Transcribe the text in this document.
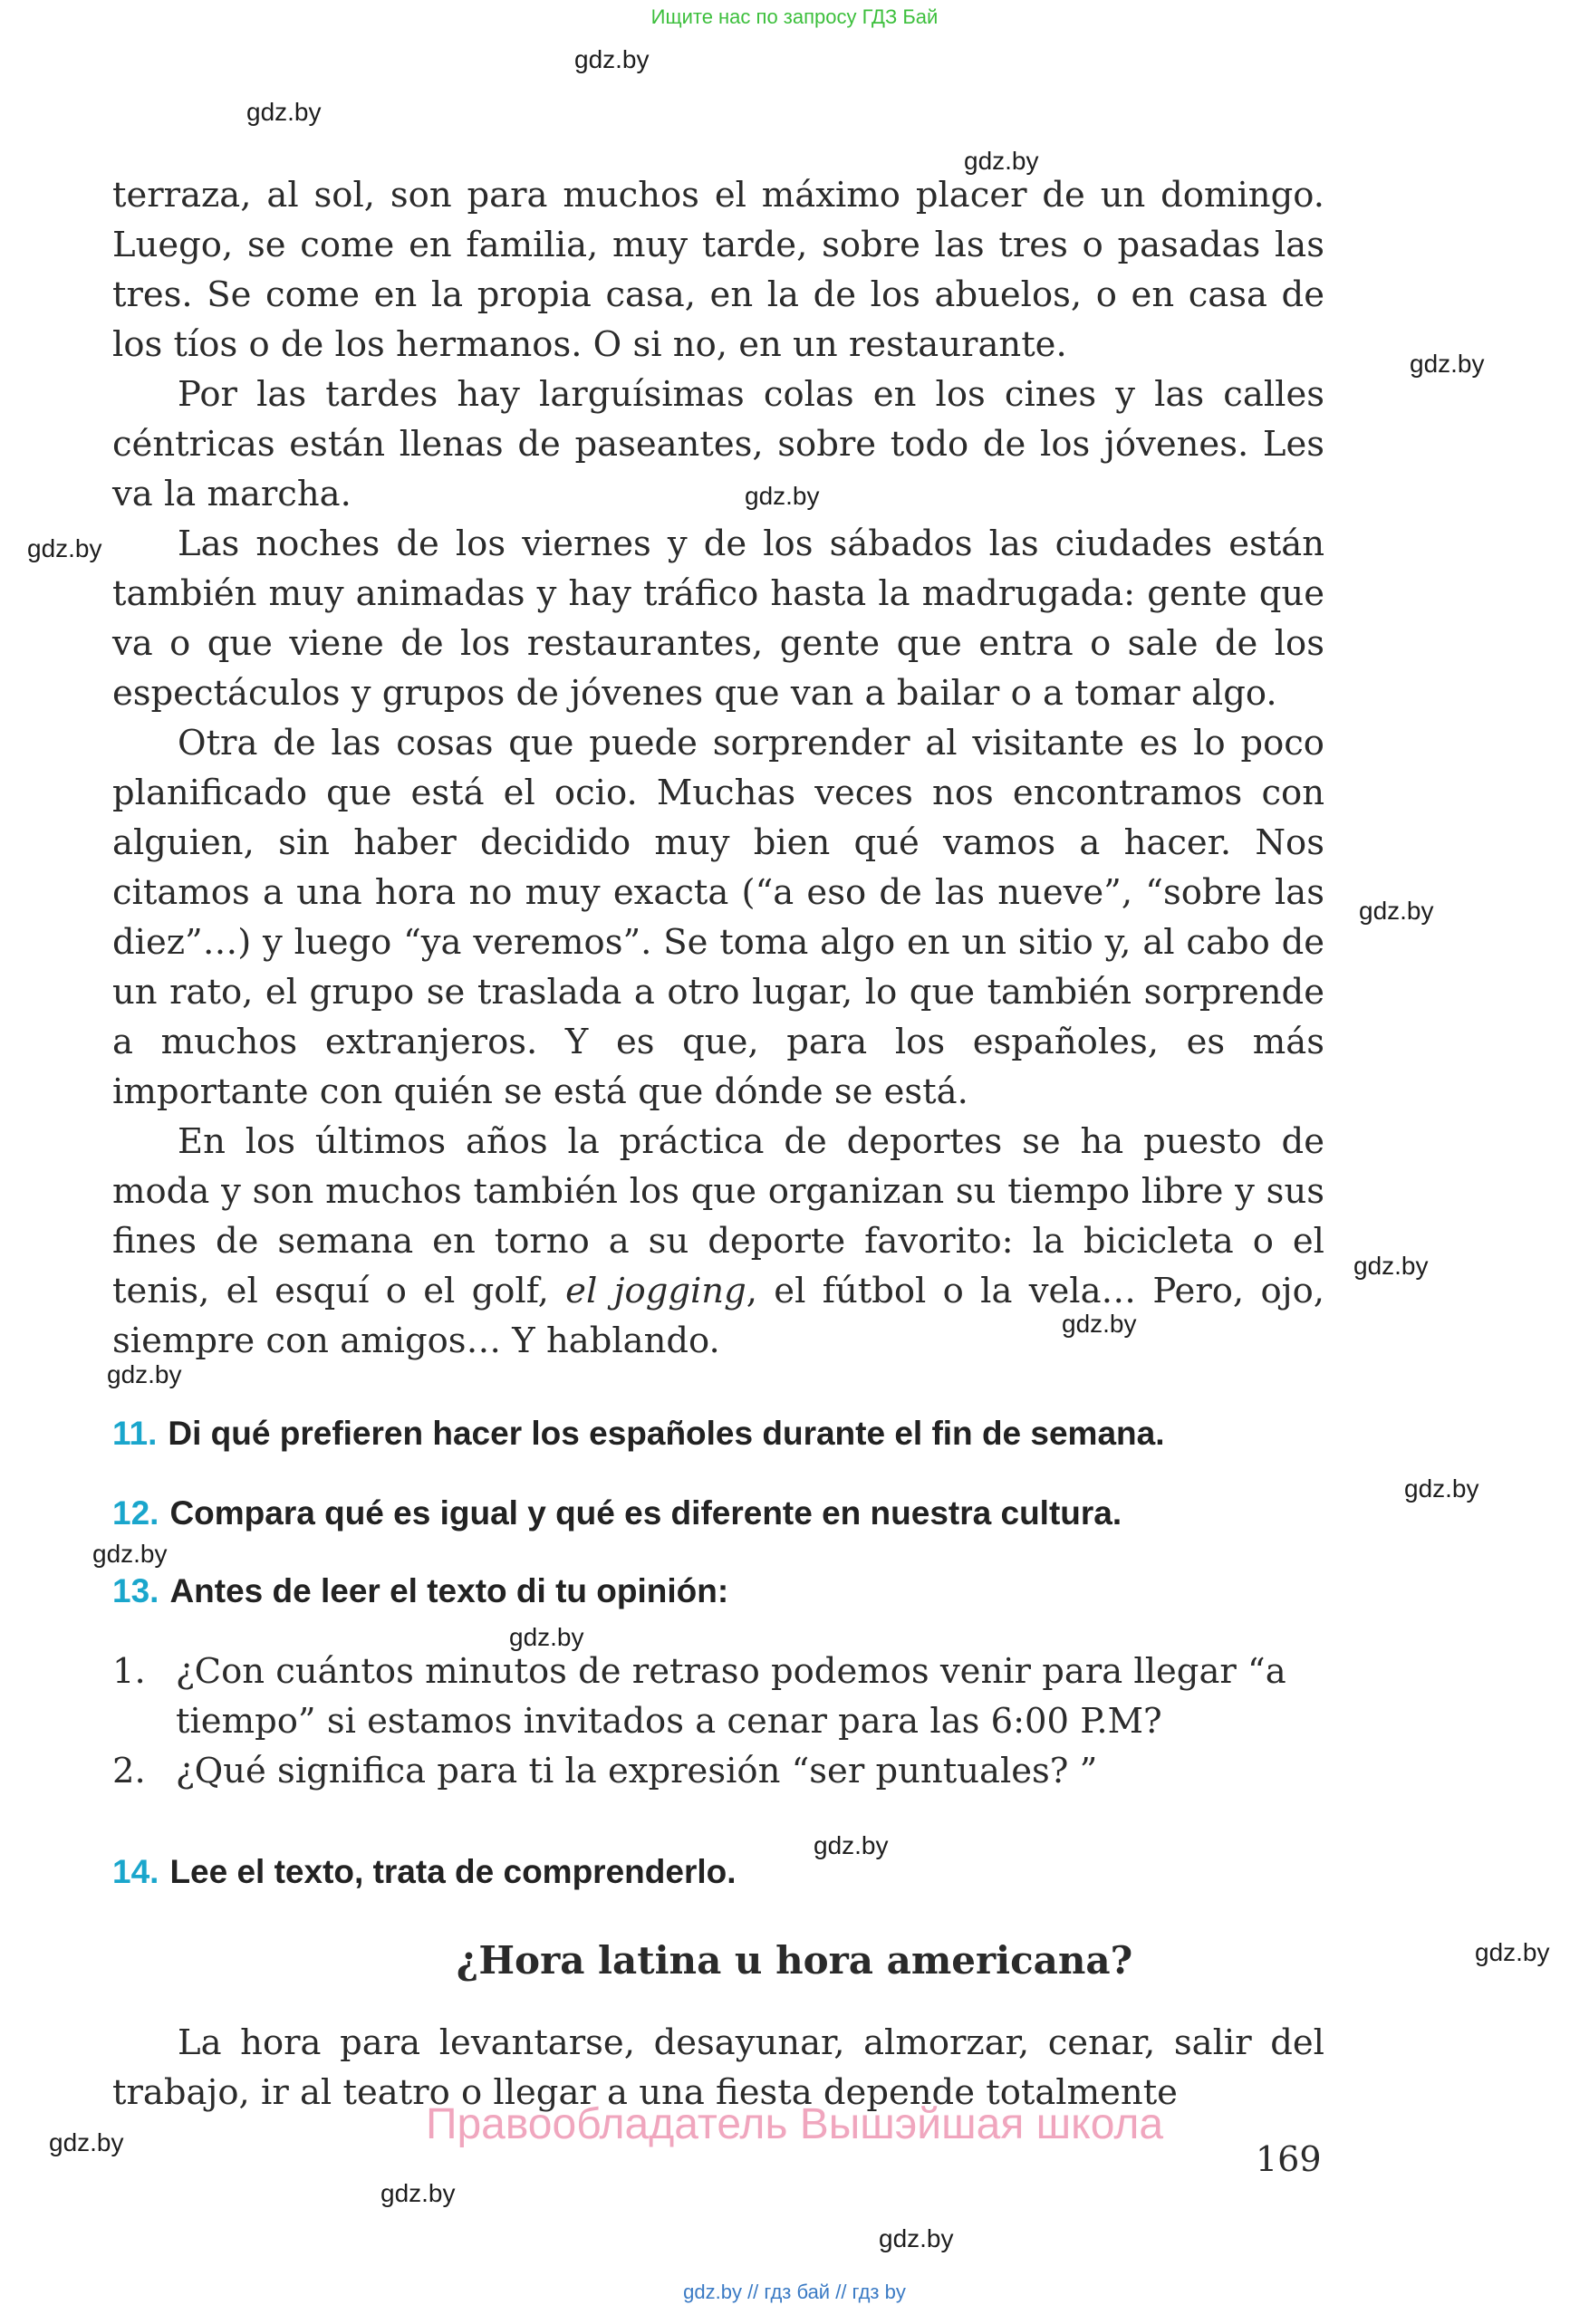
Ищите нас по запросу ГДЗ Бай
gdz.by
gdz.by
gdz.by
gdz.by
gdz.by
gdz.by
gdz.by
gdz.by
gdz.by
gdz.by
gdz.by
gdz.by
gdz.by
gdz.by
gdz.by
gdz.by
gdz.by
gdz.by

terraza, al sol, son para muchos el máximo placer de un domingo. Luego, se come en familia, muy tarde, sobre las tres o pasadas las tres. Se come en la propia casa, en la de los abuelos, o en casa de los tíos o de los hermanos. O si no, en un restaurante.

Por las tardes hay larguísimas colas en los cines y las calles céntricas están llenas de paseantes, sobre todo de los jóvenes. Les va la marcha.

Las noches de los viernes y de los sábados las ciudades están también muy animadas y hay tráfico hasta la madrugada: gente que va o que viene de los restaurantes, gente que entra o sale de los espectáculos y grupos de jóvenes que van a bailar o a tomar algo.

Otra de las cosas que puede sorprender al visitante es lo poco planificado que está el ocio. Muchas veces nos encontramos con alguien, sin haber decidido muy bien qué vamos a hacer. Nos citamos a una hora no muy exacta (“a eso de las nueve”, “sobre las diez”…) y luego “ya veremos”. Se toma algo en un sitio y, al cabo de un rato, el grupo se traslada a otro lugar, lo que también sorprende a muchos extranjeros. Y es que, para los españoles, es más importante con quién se está que dónde se está.

En los últimos años la práctica de deportes se ha puesto de moda y son muchos también los que organizan su tiempo libre y sus fines de semana en torno a su deporte favorito: la bicicleta o el tenis, el esquí o el golf, el jogging, el fútbol o la vela… Pero, ojo, siempre con amigos… Y hablando.

11. Di qué prefieren hacer los españoles durante el fin de semana.
12. Compara qué es igual y qué es diferente en nuestra cultura.
13. Antes de leer el texto di tu opinión:
1. ¿Con cuántos minutos de retraso podemos venir para llegar “a tiempo” si estamos invitados a cenar para las 6:00 P.M?
2. ¿Qué significa para ti la expresión “ser puntuales? ”
14. Lee el texto, trata de comprenderlo.
¿Hora latina u hora americana?

La hora para levantarse, desayunar, almorzar, cenar, salir del trabajo, ir al teatro o llegar a una fiesta depende totalmente

Правообладатель Вышэйшая школа
169
gdz.by // гдз бай // гдз by
